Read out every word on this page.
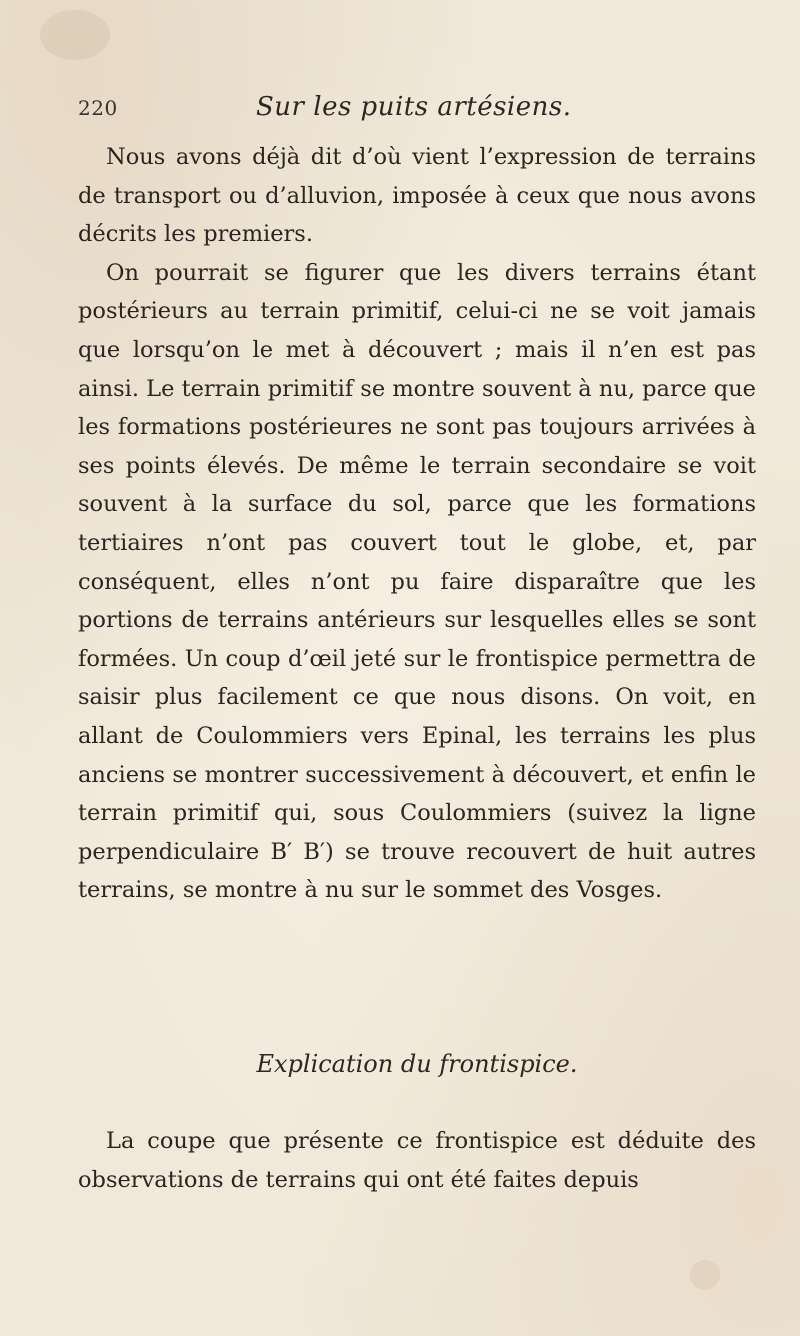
220	Sur les puits artésiens.

Nous avons déjà dit d’où vient l’expression de terrains de transport ou d’alluvion, imposée à ceux que nous avons décrits les premiers.

On pourrait se figurer que les divers terrains étant postérieurs au terrain primitif, celui-ci ne se voit jamais que lorsqu’on le met à découvert ; mais il n’en est pas ainsi. Le terrain primitif se montre souvent à nu, parce que les formations postérieures ne sont pas toujours arrivées à ses points élevés. De même le terrain secondaire se voit souvent à la surface du sol, parce que les formations tertiaires n’ont pas couvert tout le globe, et, par conséquent, elles n’ont pu faire disparaître que les portions de terrains antérieurs sur lesquelles elles se sont formées. Un coup d’œil jeté sur le frontispice permettra de saisir plus facilement ce que nous disons. On voit, en allant de Coulommiers vers Epinal, les terrains les plus anciens se montrer successivement à découvert, et enfin le terrain primitif qui, sous Coulommiers (suivez la ligne perpendiculaire B′ B′) se trouve recouvert de huit autres terrains, se montre à nu sur le sommet des Vosges.

Explication du frontispice.

La coupe que présente ce frontispice est déduite des observations de terrains qui ont été faites depuis
